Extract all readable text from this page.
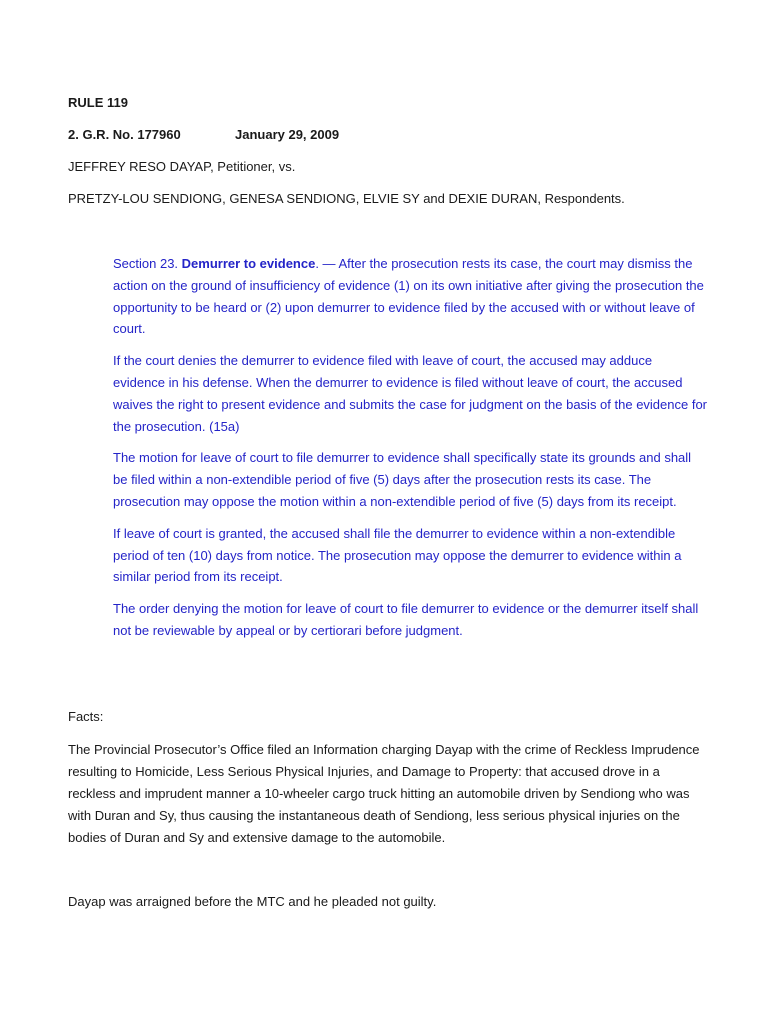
RULE 119
2. G.R. No. 177960	January 29, 2009
JEFFREY RESO DAYAP, Petitioner, vs.
PRETZY-LOU SENDIONG, GENESA SENDIONG, ELVIE SY and DEXIE DURAN, Respondents.

Section 23. Demurrer to evidence. — After the prosecution rests its case, the court may dismiss the action on the ground of insufficiency of evidence (1) on its own initiative after giving the prosecution the opportunity to be heard or (2) upon demurrer to evidence filed by the accused with or without leave of court.

If the court denies the demurrer to evidence filed with leave of court, the accused may adduce evidence in his defense. When the demurrer to evidence is filed without leave of court, the accused waives the right to present evidence and submits the case for judgment on the basis of the evidence for the prosecution. (15a)

The motion for leave of court to file demurrer to evidence shall specifically state its grounds and shall be filed within a non-extendible period of five (5) days after the prosecution rests its case. The prosecution may oppose the motion within a non-extendible period of five (5) days from its receipt.

If leave of court is granted, the accused shall file the demurrer to evidence within a non-extendible period of ten (10) days from notice. The prosecution may oppose the demurrer to evidence within a similar period from its receipt.

The order denying the motion for leave of court to file demurrer to evidence or the demurrer itself shall not be reviewable by appeal or by certiorari before judgment.

Facts:

The Provincial Prosecutor’s Office filed an Information charging Dayap with the crime of Reckless Imprudence resulting to Homicide, Less Serious Physical Injuries, and Damage to Property: that accused drove in a reckless and imprudent manner a 10-wheeler cargo truck hitting an automobile driven by Sendiong who was with Duran and Sy, thus causing the instantaneous death of Sendiong, less serious physical injuries on the bodies of Duran and Sy and extensive damage to the automobile.

Dayap was arraigned before the MTC and he pleaded not guilty.
